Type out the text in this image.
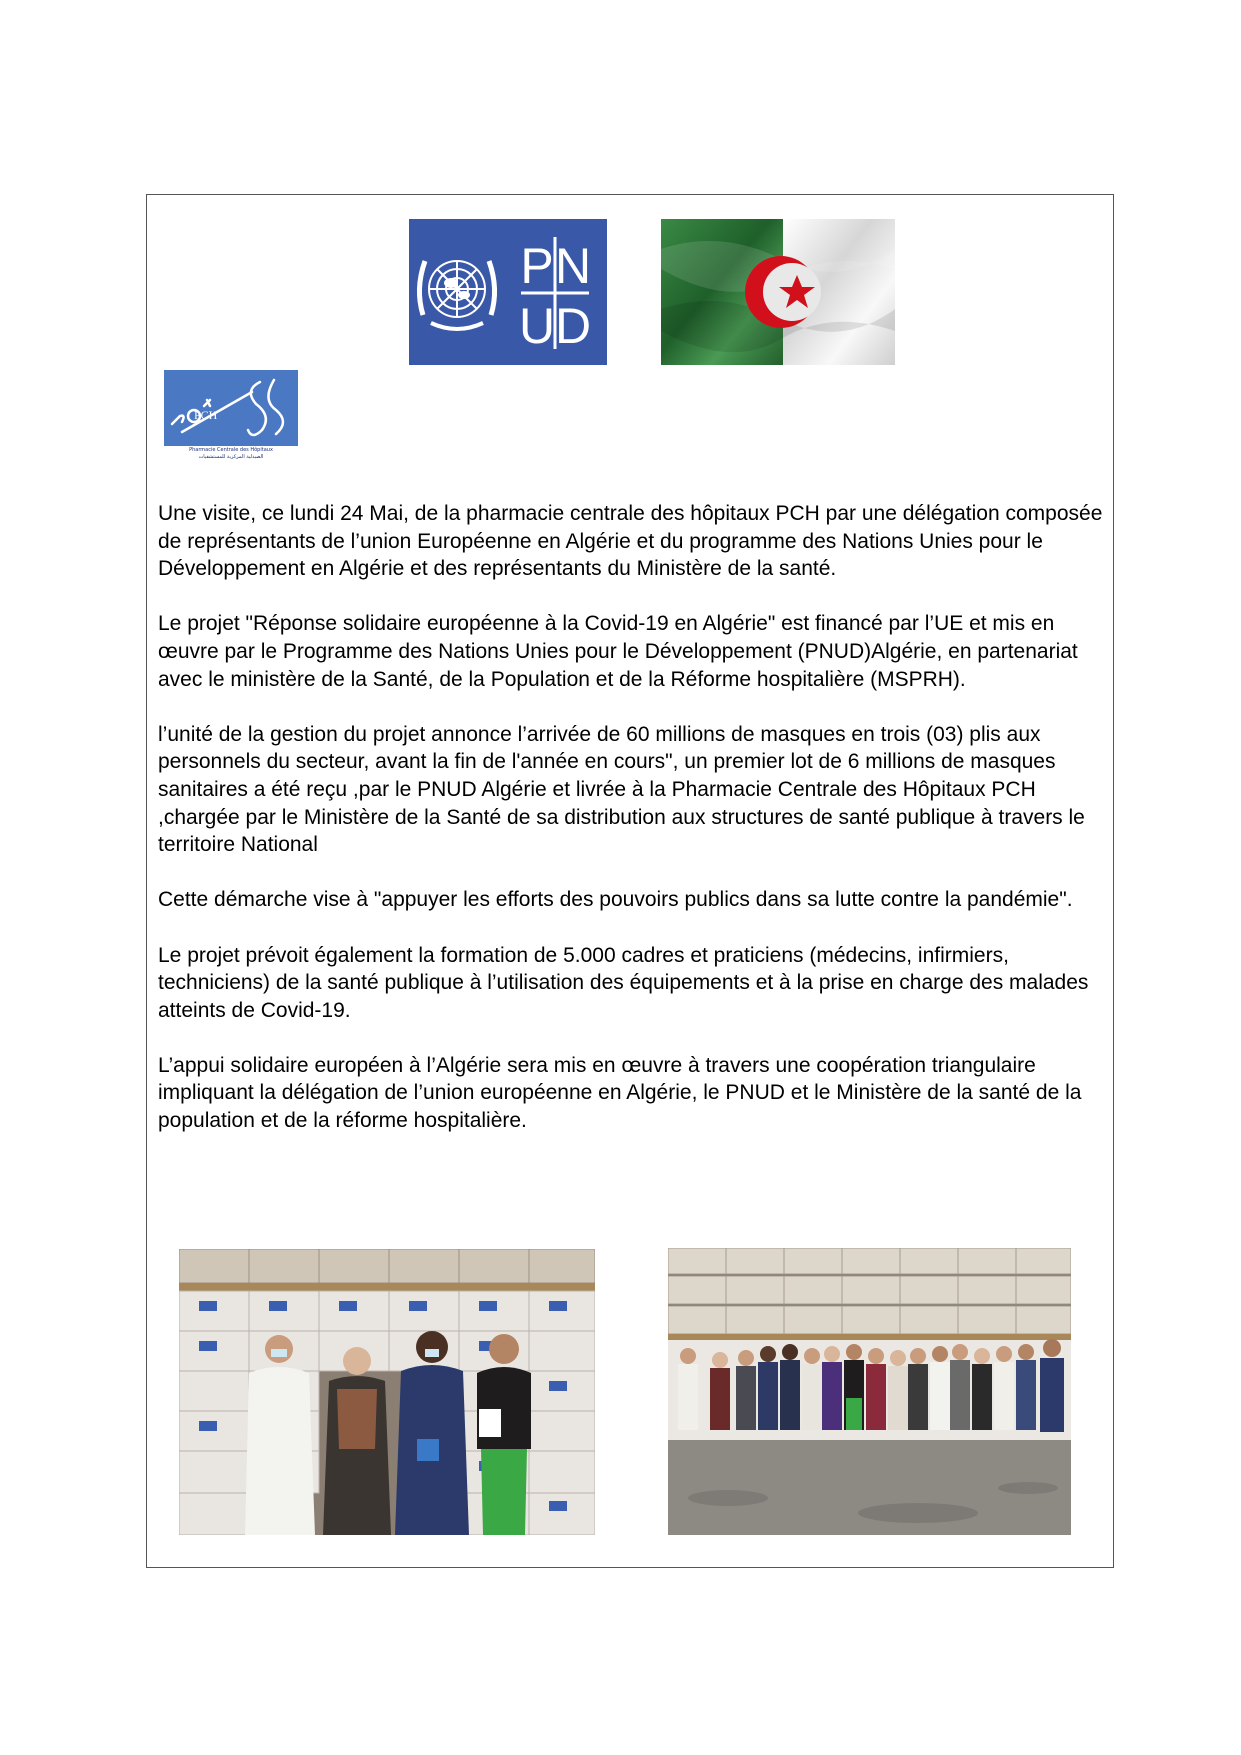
P N
U D
PCH
Pharmacie Centrale des Hôpitaux
الصيدلية المركزية للمستشفيات

Une visite, ce lundi 24 Mai, de la pharmacie centrale des hôpitaux PCH par une délégation composée de représentants de l’union Européenne en Algérie et du programme des Nations Unies pour le Développement en Algérie et des représentants du Ministère de la santé.

Le projet "Réponse solidaire européenne à la Covid-19 en Algérie" est financé par l’UE et mis en œuvre par le Programme des Nations Unies pour le Développement (PNUD)Algérie, en partenariat avec le ministère de la Santé, de la Population et de la Réforme hospitalière (MSPRH).

l’unité de la gestion du projet annonce l’arrivée de 60 millions de masques en trois (03) plis aux personnels du secteur, avant la fin de l'année en cours", un premier lot de 6 millions de masques sanitaires a été reçu ,par le PNUD Algérie et livrée à la Pharmacie Centrale des Hôpitaux PCH ,chargée par le Ministère de la Santé de sa distribution aux structures de santé publique à travers le territoire National

Cette démarche vise à "appuyer les efforts des pouvoirs publics dans sa lutte contre la pandémie".

Le projet prévoit également la formation de 5.000 cadres et praticiens (médecins, infirmiers, techniciens) de la santé publique à l’utilisation des équipements et à la prise en charge des malades atteints de Covid-19.

L’appui solidaire européen à l’Algérie sera mis en œuvre à travers une coopération triangulaire impliquant la délégation de l’union européenne en Algérie, le PNUD et le Ministère de la santé de la population et de la réforme hospitalière.
